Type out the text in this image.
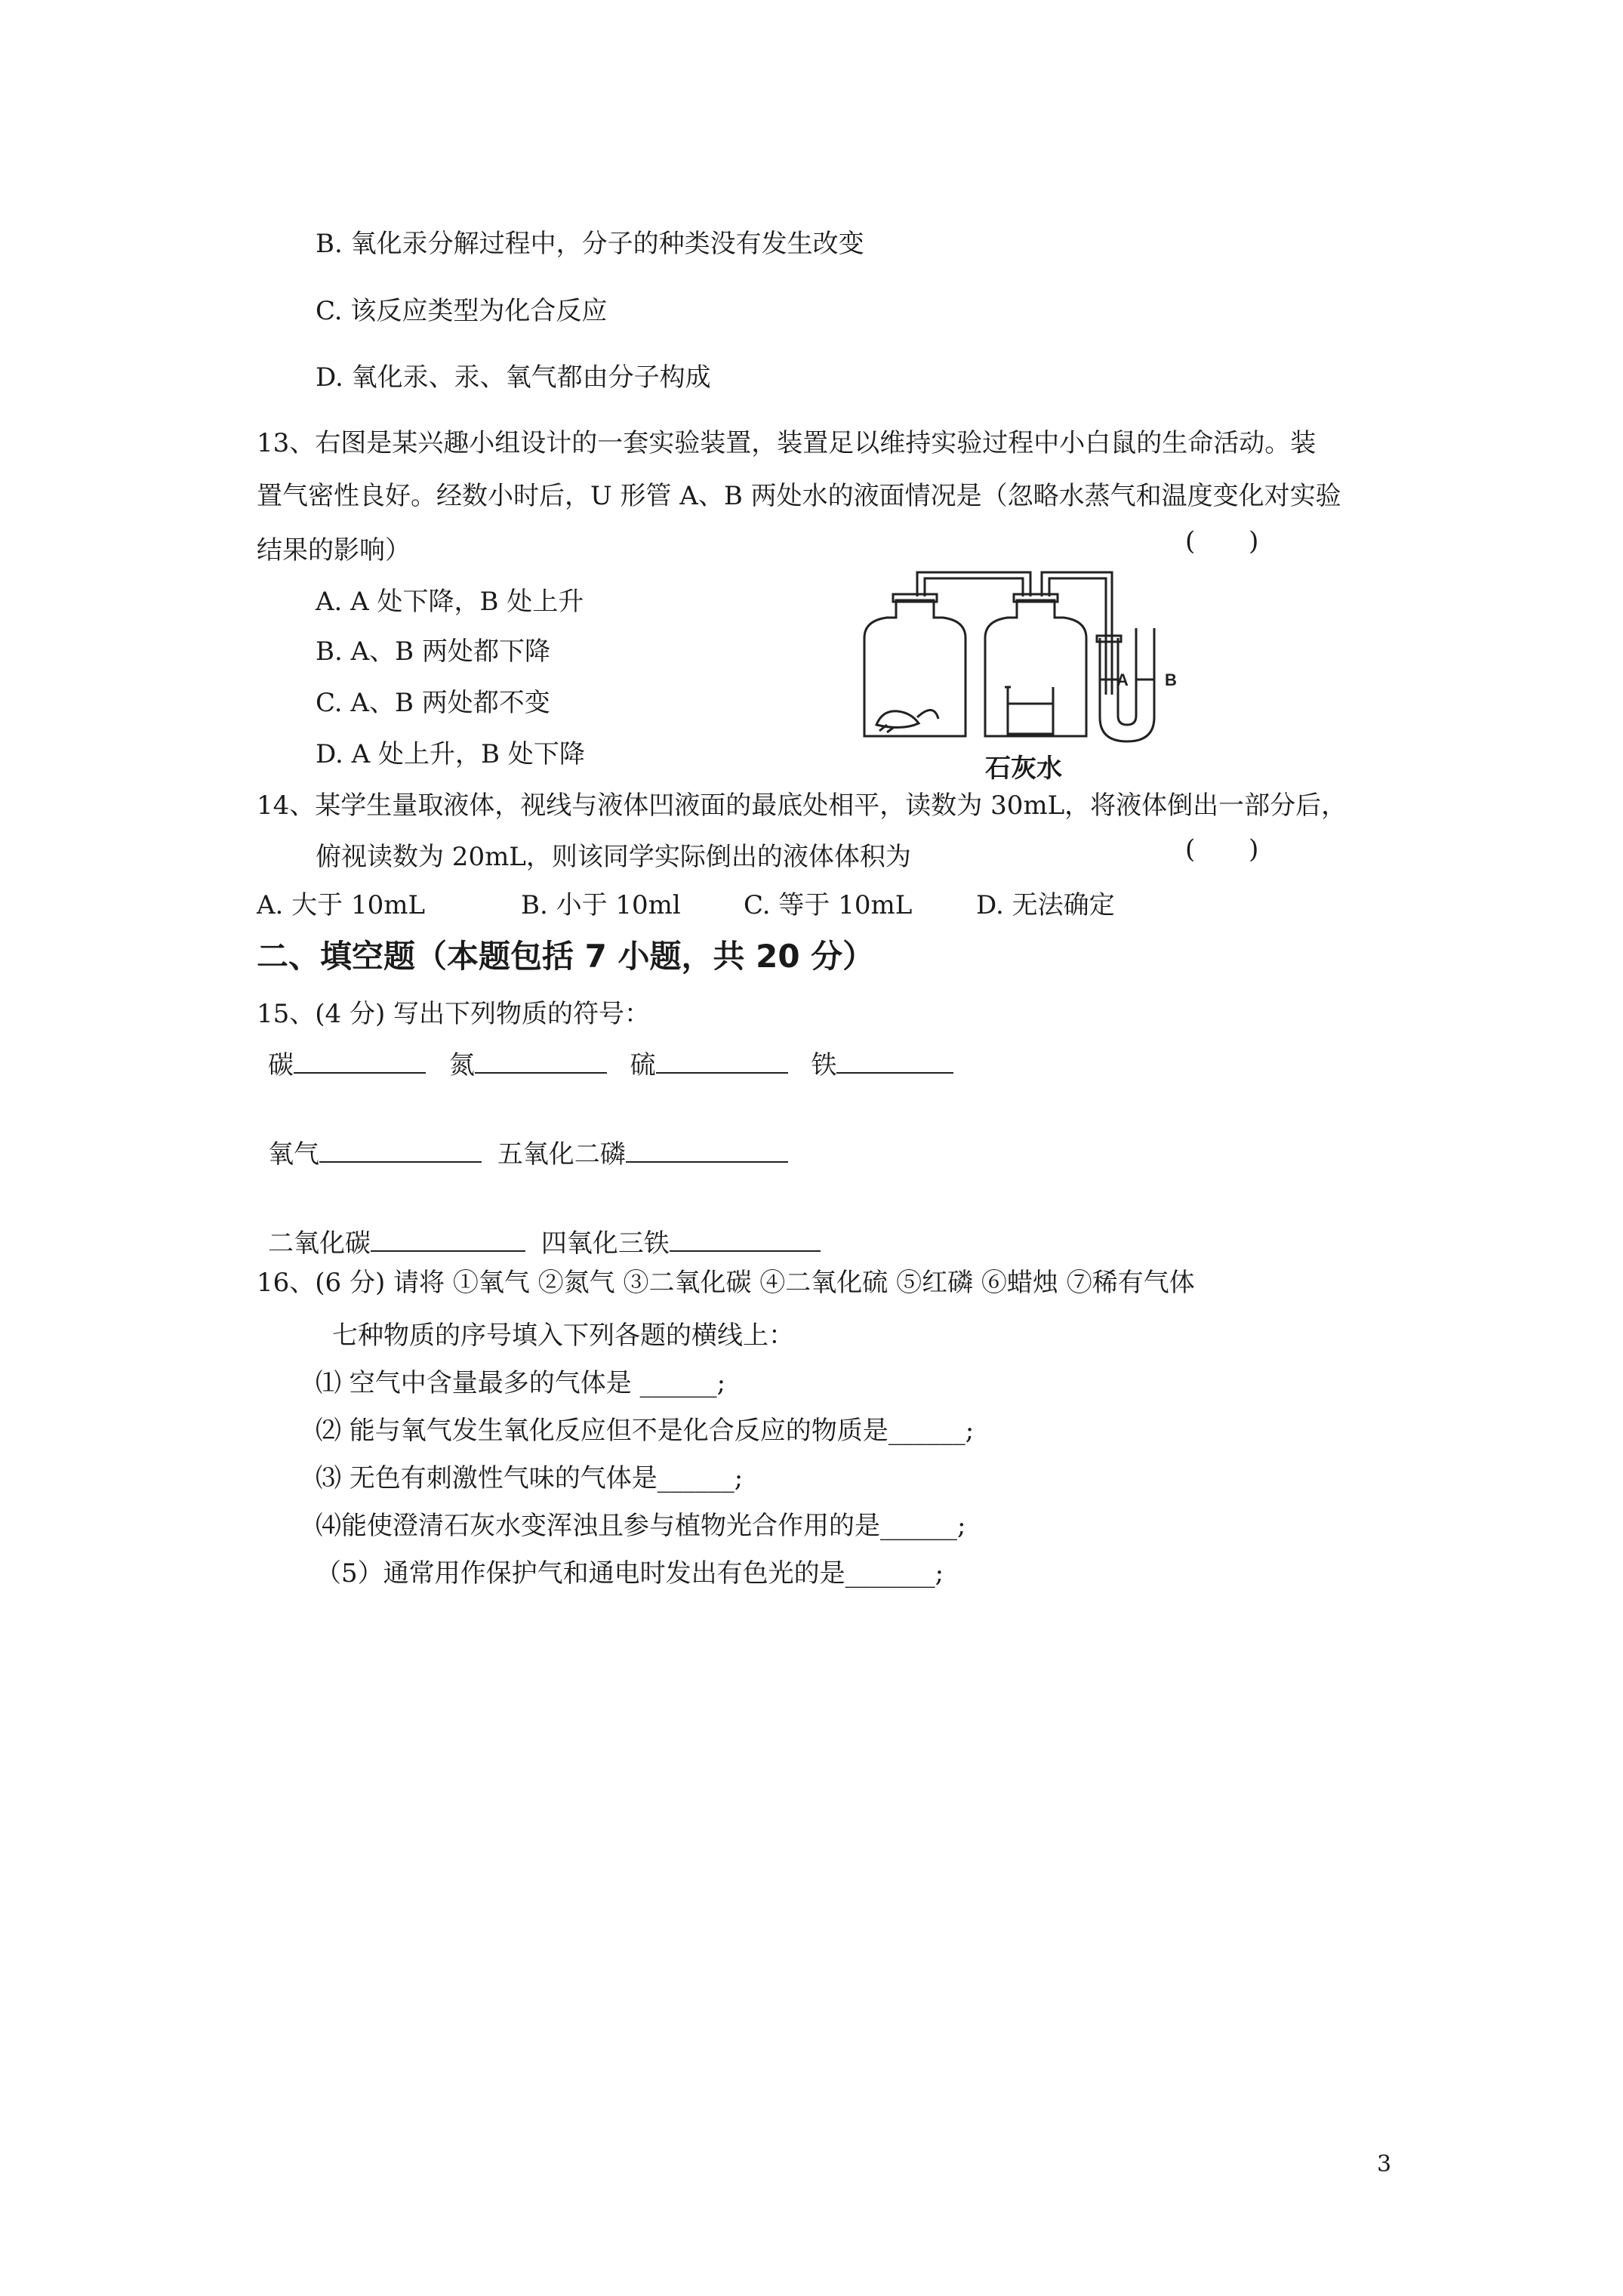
B. 氧化汞分解过程中，分子的种类没有发生改变
C. 该反应类型为化合反应
D. 氧化汞、汞、氧气都由分子构成
13、右图是某兴趣小组设计的一套实验装置，装置足以维持实验过程中小白鼠的生命活动。装
置气密性良好。经数小时后，U 形管 A、B 两处水的液面情况是（忽略水蒸气和温度变化对实验
结果的影响）	( )
A. A 处下降，B 处上升
B. A、B 两处都下降
C. A、B 两处都不变
D. A 处上升，B 处下降
A B
石灰水
14、某学生量取液体，视线与液体凹液面的最底处相平，读数为 30mL，将液体倒出一部分后，
俯视读数为 20mL，则该同学实际倒出的液体体积为	( )
A. 大于 10mL	B. 小于 10ml C. 等于 10mL D. 无法确定
二、填空题（本题包括 7 小题，共 20 分）
15、(4 分) 写出下列物质的符号：
碳	氮	硫	铁
氧气	五氧化二磷
二氧化碳	四氧化三铁
16、(6 分) 请将 ①氧气 ②氮气 ③二氧化碳 ④二氧化硫 ⑤红磷 ⑥蜡烛 ⑦稀有气体
七种物质的序号填入下列各题的横线上：
⑴ 空气中含量最多的气体是 ______;
⑵ 能与氧气发生氧化反应但不是化合反应的物质是______;
⑶ 无色有刺激性气味的气体是______;
⑷能使澄清石灰水变浑浊且参与植物光合作用的是______;
（5）通常用作保护气和通电时发出有色光的是_______;
3
